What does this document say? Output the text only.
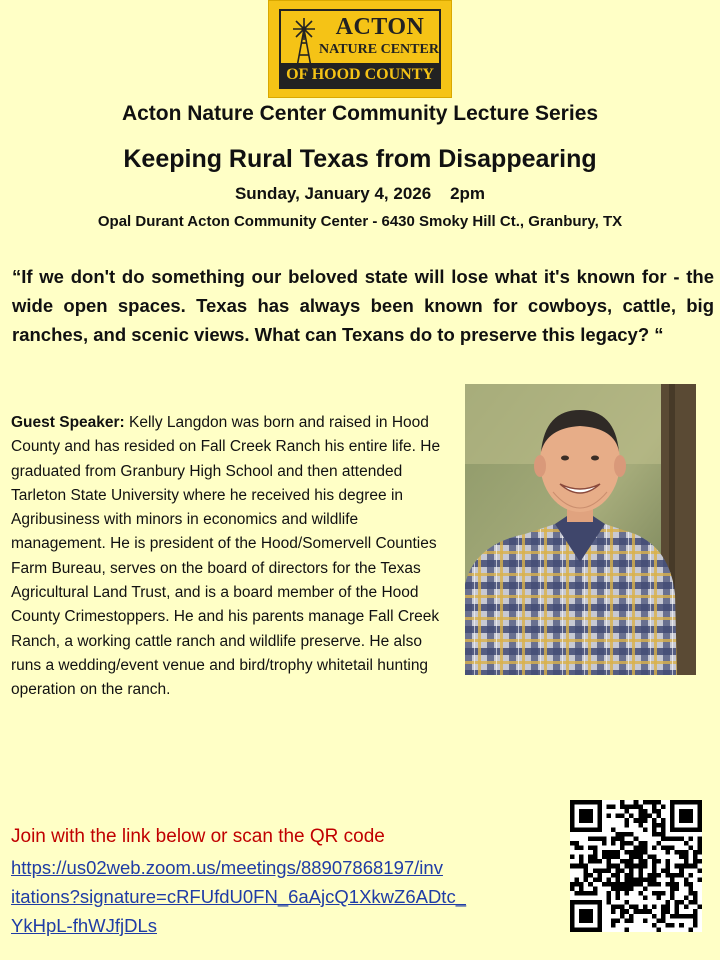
ACTON
NATURE CENTER
OF HOOD COUNTY
Acton Nature Center Community Lecture Series
Keeping Rural Texas from Disappearing
Sunday, January 4, 2026    2pm
Opal Durant Acton Community Center - 6430 Smoky Hill Ct., Granbury, TX
“If we don't do something our beloved state will lose what it's known for - the wide open spaces. Texas has always been known for cowboys, cattle, big ranches, and scenic views. What can Texans do to preserve this legacy? “
Guest Speaker: Kelly Langdon was born and raised in Hood County and has resided on Fall Creek Ranch his entire life. He graduated from Granbury High School and then attended Tarleton State University where he received his degree in Agribusiness with minors in economics and wildlife management. He is president of the Hood/Somervell Counties Farm Bureau, serves on the board of directors for the Texas Agricultural Land Trust, and is a board member of the Hood County Crimestoppers. He and his parents manage Fall Creek Ranch, a working cattle ranch and wildlife preserve. He also runs a wedding/event venue and bird/trophy whitetail hunting operation on the ranch.
Join with the link below or scan the QR code
https://us02web.zoom.us/meetings/88907868197/inv
itations?signature=cRFUfdU0FN_6aAjcQ1XkwZ6ADtc_
YkHpL-fhWJfjDLs
